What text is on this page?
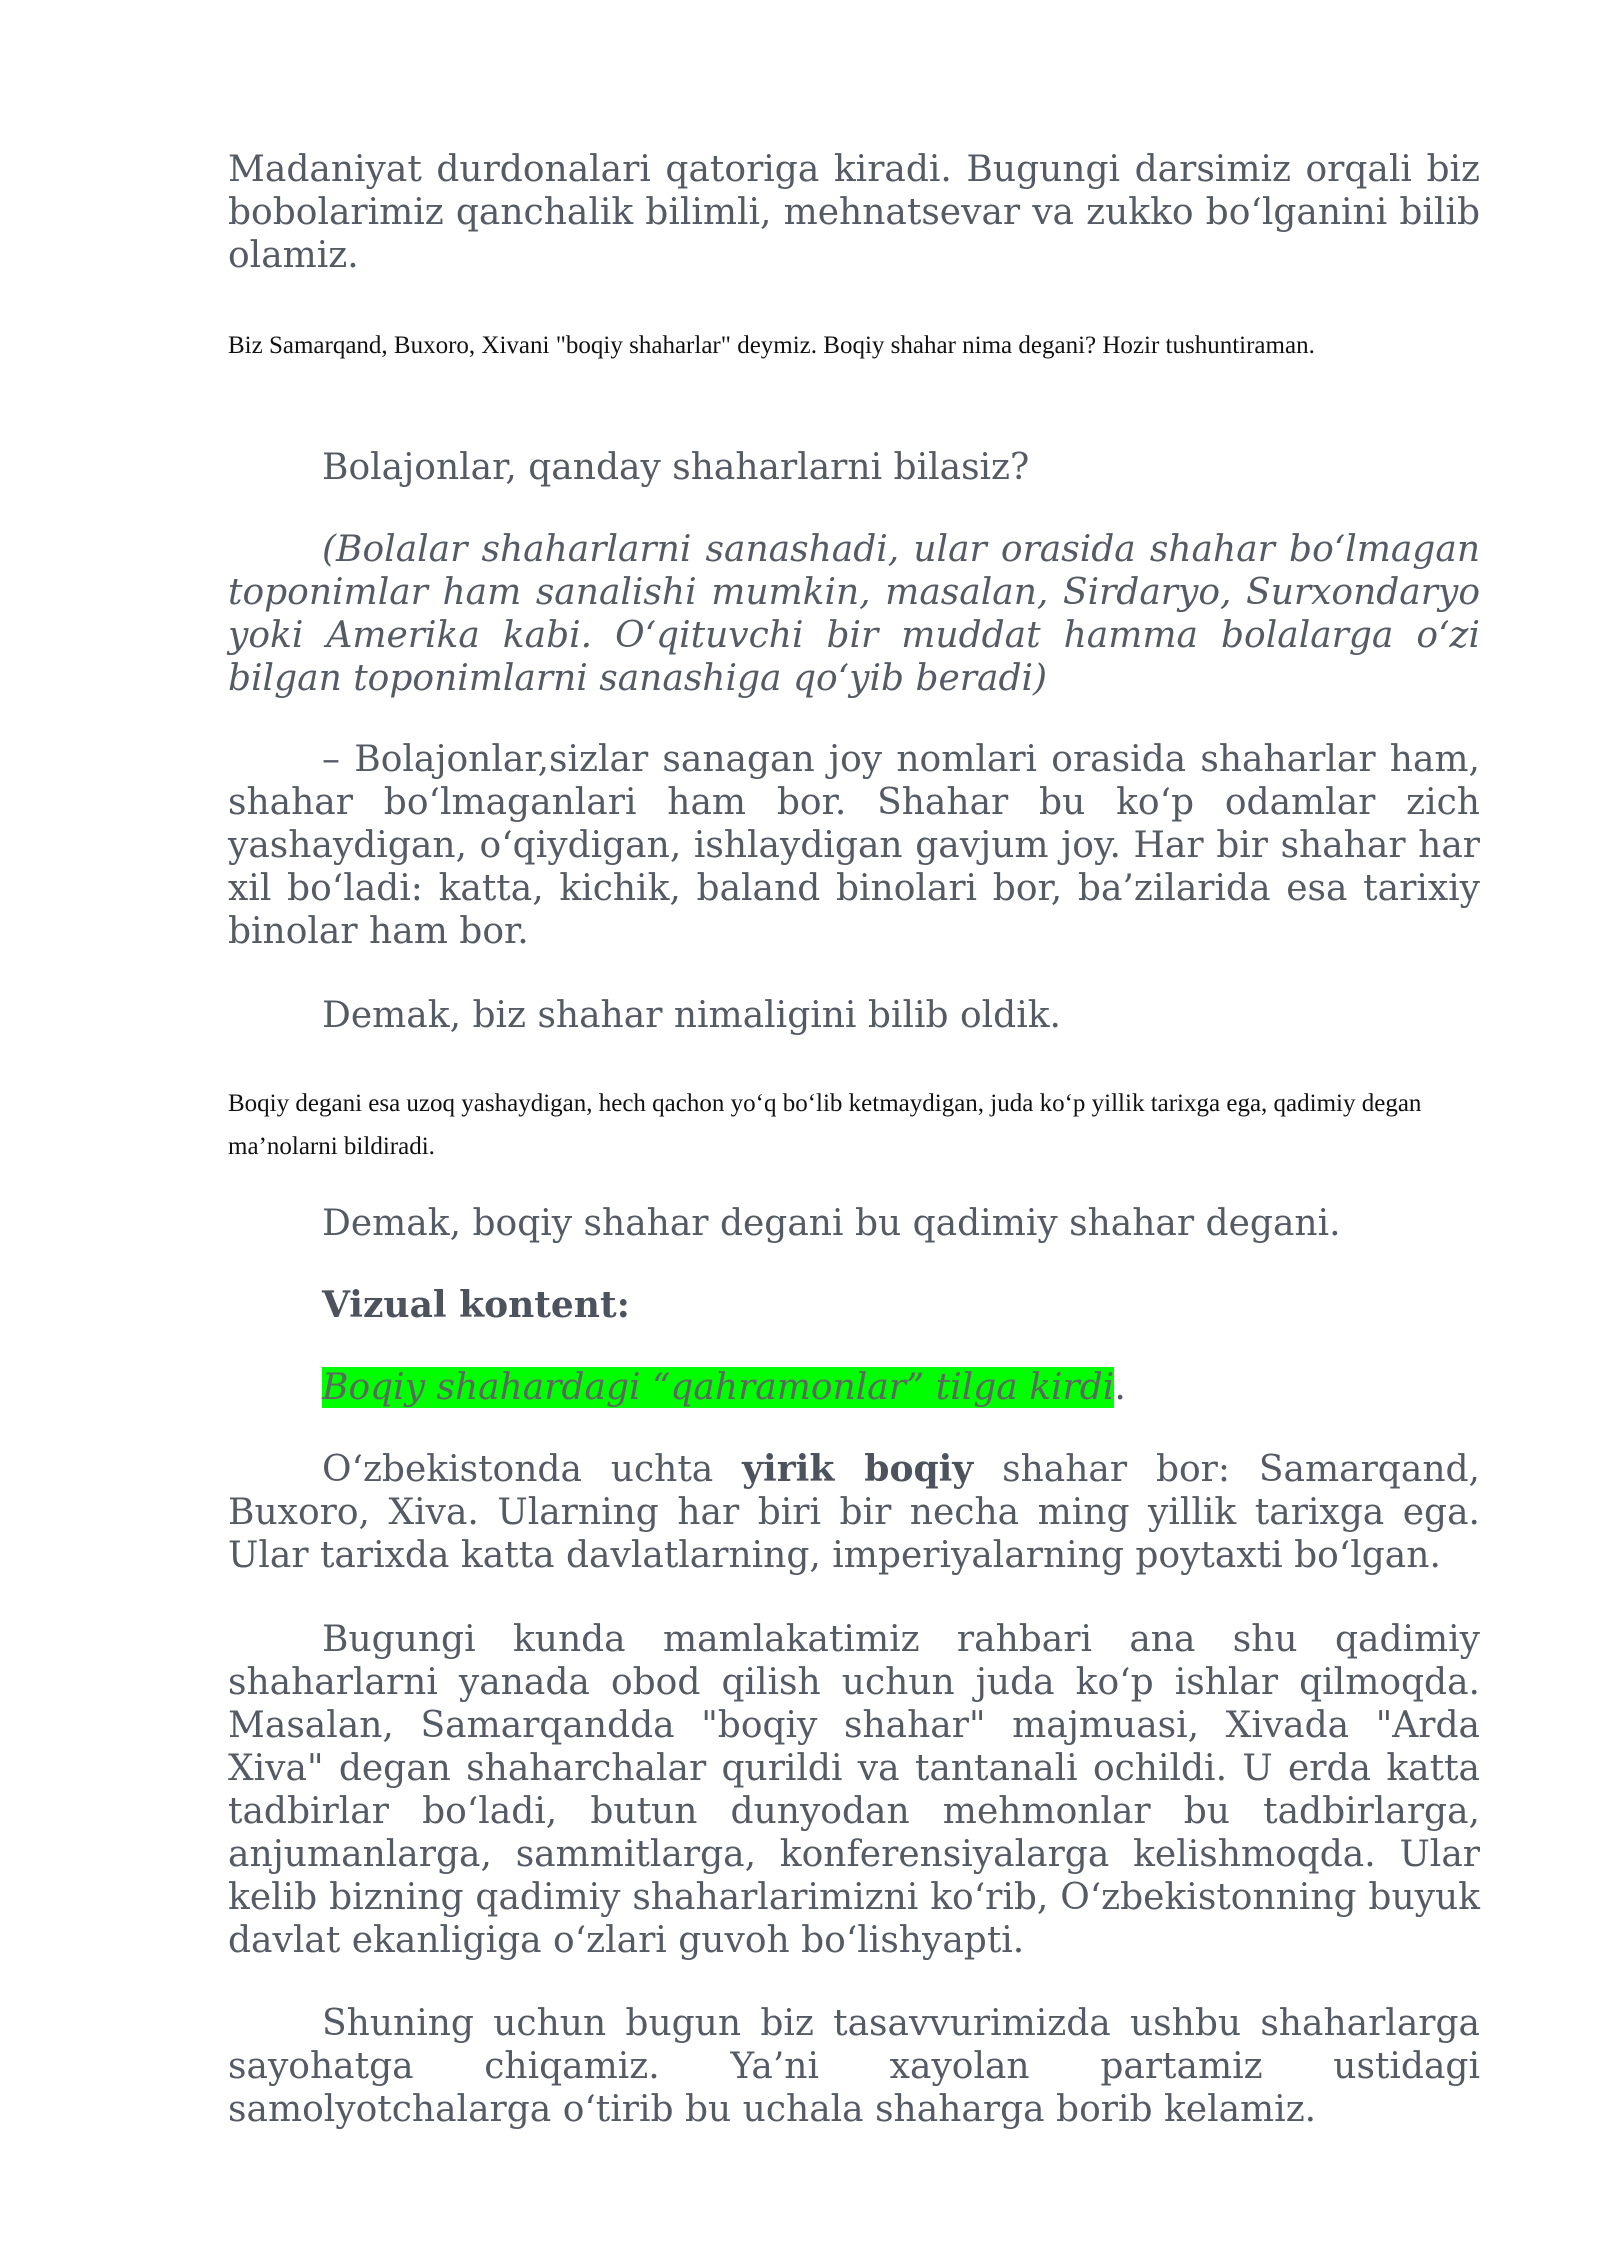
Madaniyat durdonalari qatoriga kiradi. Bugungi darsimiz orqali biz bobolarimiz qanchalik bilimli, mehnatsevar va zukko bo‘lganini bilib olamiz.

Biz Samarqand, Buxoro, Xivani "boqiy shaharlar" deymiz. Boqiy shahar nima degani? Hozir tushuntiraman.

Bolajonlar, qanday shaharlarni bilasiz?

(Bolalar shaharlarni sanashadi, ular orasida shahar bo‘lmagan toponimlar ham sanalishi mumkin, masalan, Sirdaryo, Surxondaryo yoki Amerika kabi. O‘qituvchi bir muddat hamma bolalarga o‘zi bilgan toponimlarni sanashiga qo‘yib beradi)

– Bolajonlar,sizlar sanagan joy nomlari orasida shaharlar ham, shahar bo‘lmaganlari ham bor. Shahar bu ko‘p odamlar zich yashaydigan, o‘qiydigan, ishlaydigan gavjum joy. Har bir shahar har xil bo‘ladi: katta, kichik, baland binolari bor, ba’zilarida esa tarixiy binolar ham bor.

Demak, biz shahar nimaligini bilib oldik.

Boqiy degani esa uzoq yashaydigan, hech qachon yo‘q bo‘lib ketmaydigan, juda ko‘p yillik tarixga ega, qadimiy degan ma’nolarni bildiradi.

Demak, boqiy shahar degani bu qadimiy shahar degani.

Vizual kontent:

Boqiy shahardagi “qahramonlar” tilga kirdi.

O‘zbekistonda uchta yirik boqiy shahar bor: Samarqand, Buxoro, Xiva. Ularning har biri bir necha ming yillik tarixga ega. Ular tarixda katta davlatlarning, imperiyalarning poytaxti bo‘lgan.

Bugungi kunda mamlakatimiz rahbari ana shu qadimiy shaharlarni yanada obod qilish uchun juda ko‘p ishlar qilmoqda. Masalan, Samarqandda "boqiy shahar" majmuasi, Xivada "Arda Xiva" degan shaharchalar qurildi va tantanali ochildi. U erda katta tadbirlar bo‘ladi, butun dunyodan mehmonlar bu tadbirlarga, anjumanlarga, sammitlarga, konferensiyalarga kelishmoqda. Ular kelib bizning qadimiy shaharlarimizni ko‘rib, O‘zbekistonning buyuk davlat ekanligiga o‘zlari guvoh bo‘lishyapti.

Shuning uchun bugun biz tasavvurimizda ushbu shaharlarga sayohatga chiqamiz. Ya’ni xayolan partamiz ustidagi samolyotchalarga o‘tirib bu uchala shaharga borib kelamiz.
